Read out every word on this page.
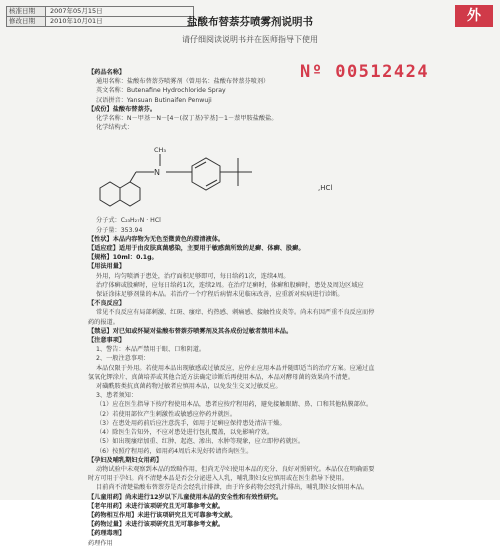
核准日期	2007年05月15日
修改日期	2010年10月01日	外
盐酸布替萘芬喷雾剂说明书
请仔细阅读说明书并在医师指导下使用
Nº 00512424
【药品名称】
通用名称：盐酸布替萘芬喷雾剂（曾用名：盐酸布替萘芬喷剂）
英文名称：Butenafine Hydrochloride Spray
汉语拼音：Yansuan Butinaifen Penwuji
【成份】盐酸布替萘芬。
化学名称：N－甲基－N－[4－(叔丁基)苄基]－1－萘甲胺盐酸盐。
化学结构式：
N
CH₃
,HCl
分子式：C₂₃H₂₇N · HCl
分子量：353.94
【性状】本品内容物为无色至微黄色的澄清液体。
【适应症】适用于由皮肤真菌感染，主要用于敏感菌所致的足癣、体癣、股癣。
【规格】10ml：0.1g。
【用法用量】
外用，均匀喷洒于患处，治疗面积足够即可，每日给药1次，连续4周。
治疗体癣或股癣时，应每日给药1次，连续2周。在治疗足癣时，体癣和股癣时，患处及周边区域应
保证涂抹足够剂量的本品。若治疗一个疗程后病情未见临床改善，应重新对疾病进行诊断。
【不良反应】
常见不良反应有局部刺激、红斑、瘙痒、灼热感、刺痛感、接触性皮炎等。尚未有因严重不良反应而停
药的报道。
【禁忌】对已知或怀疑对盐酸布替萘芬喷雾剂及其各成份过敏者禁用本品。
【注意事项】
1、警告：本品严禁用于眼、口和阴道。
2、一般注意事项：
本品仅限于外用。若使用本品出现敏感或过敏反应，应停止应用本品并随即适当的治疗方案。应通过直
氢氧化钾涂片、真菌培养或其他合适方法确定诊断后再使用本品，本品对酵母菌的效果尚不清楚。
对磺酰胺类抗真菌药物过敏者应慎用本品，以免发生交叉过敏反应。
3、患者须知：
（1）应在医生指导下按疗程使用本品，患者应按疗程用药，避免接触眼睛、鼻、口和其他粘膜部位。
（2）若使用部位产生刺激性或敏感应停药并就医。
（3）在患处用药前后应注意洗手，如用于足癣应保持患处清洁干燥。
（4）除医生告知外，不应对患处进行包扎覆盖，以免影响疗效。
（5）如出现瘙痒加重、红肿、起泡、渗出、水肿等现象，应立即停药就医。
（6）按照疗程用药，如用药4周后未见好转请咨询医生。
【孕妇及哺乳期妇女用药】
动物试验中未观察到本品的致畸作用，但尚无孕妇使用本品的充分、良好对照研究。本品仅在明确需要
时方可用于孕妇。尚不清楚本品是否会分泌进入人乳，哺乳期妇女应慎用或在医生指导下使用。
目前尚不清楚盐酸布替萘芬是否会经乳汁排泄，由于许多药物会经乳汁排出，哺乳期妇女慎用本品。
【儿童用药】尚未进行12岁以下儿童使用本品的安全性和有效性研究。
【老年用药】未进行该项研究且无可靠参考文献。
【药物相互作用】未进行该项研究且无可靠参考文献。
【药物过量】未进行该项研究且无可靠参考文献。
【药理毒理】
药理作用
